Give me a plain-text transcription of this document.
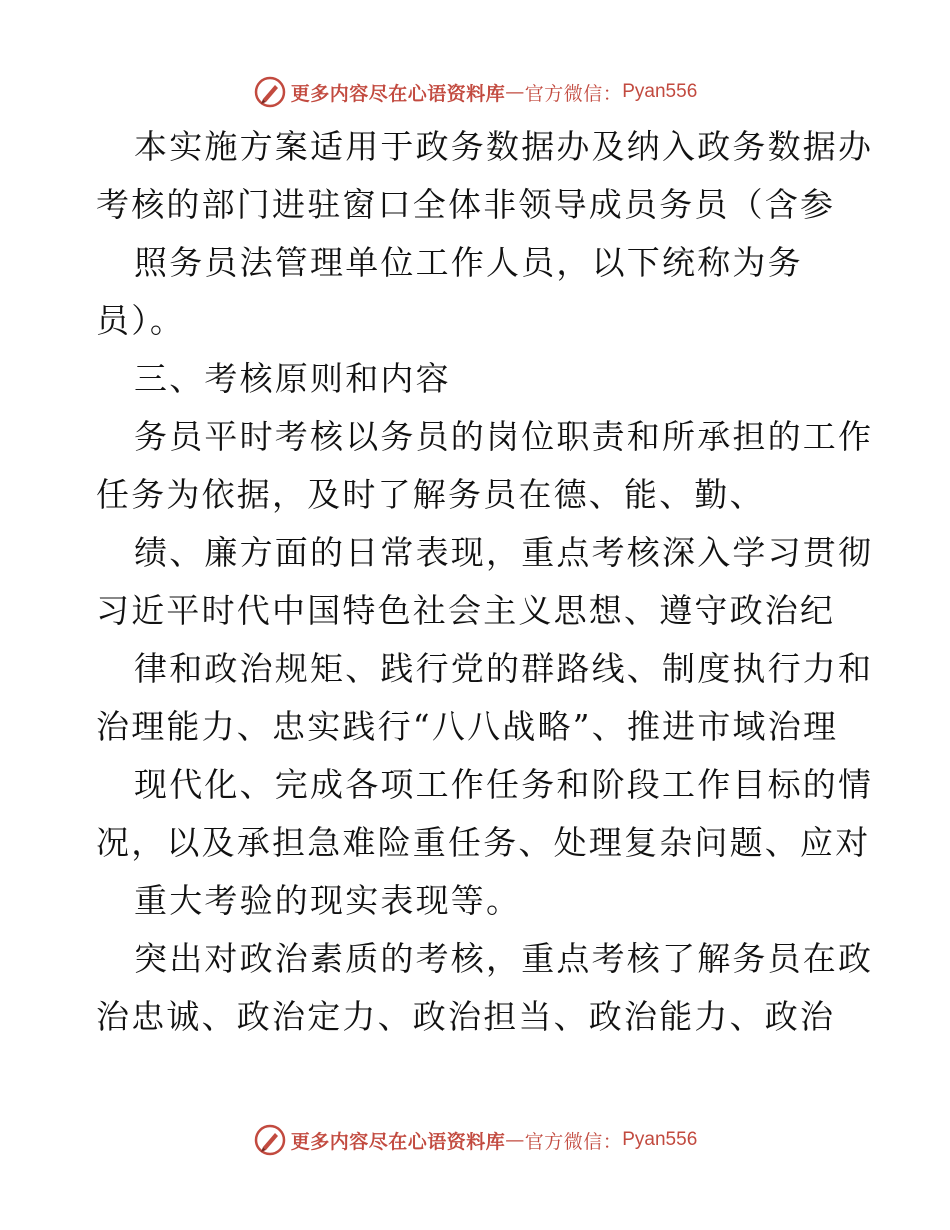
更多内容尽在心语资料库 — 官方微信： Pyan556
本实施方案适用于政务数据办及纳入政务数据办
考核的部门进驻窗口全体非领导成员务员（含参
照务员法管理单位工作人员，以下统称为务
员）。
三、考核原则和内容
务员平时考核以务员的岗位职责和所承担的工作
任务为依据，及时了解务员在德、能、勤、
绩、廉方面的日常表现，重点考核深入学习贯彻
习近平时代中国特色社会主义思想、遵守政治纪
律和政治规矩、践行党的群路线、制度执行力和
治理能力、忠实践行“八八战略”、推进市域治理
现代化、完成各项工作任务和阶段工作目标的情
况，以及承担急难险重任务、处理复杂问题、应对
重大考验的现实表现等。
突出对政治素质的考核，重点考核了解务员在政
治忠诚、政治定力、政治担当、政治能力、政治
更多内容尽在心语资料库 — 官方微信： Pyan556
